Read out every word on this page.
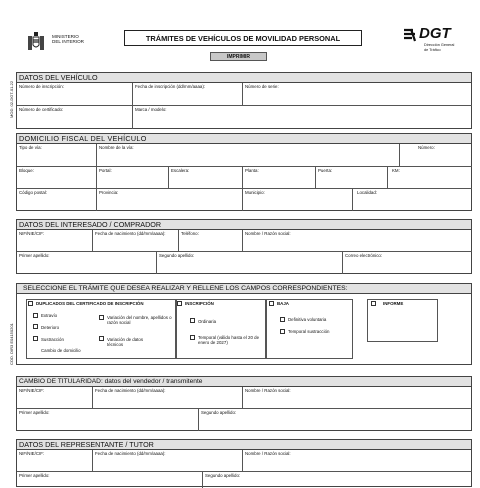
MINISTERIO
DEL INTERIOR	TRÁMITES DE VEHÍCULOS DE MOVILIDAD PERSONAL
IMPRIMIR
DGT
Dirección General
de Tráfico
MOD. 02-DGT-01-22
COD. DIR3 E04150201
DATOS DEL VEHÍCULO
Número de inscripción:	Fecha de inscripción (dd/mm/aaaa):	Número de serie:
Número de certificado:	Marca / modelo:
DOMICILIO FISCAL DEL VEHÍCULO
Tipo de vía:	Nombre de la vía:	Número:
Bloque:	Portal:	Escalera:	Planta:	Puerta:	KM:
Código postal:	Provincia:	Municipio:	Localidad:
DATOS DEL INTERESADO / COMPRADOR
NIF/NIE/CIF:	Fecha de nacimiento (dd/mm/aaaa):	Teléfono:	Nombre / Razón social:
Primer apellido:	Segundo apellido:	Correo electrónico:
SELECCIONE EL TRÁMITE QUE DESEA REALIZAR Y RELLENE LOS CAMPOS CORRESPONDIENTES:
DUPLICADOS DEL CERTIFICADO DE INSCRIPCIÓN
Extravío
Deterioro
Sustracción
Cambio de domicilio
Variación del nombre, apellidos o razón social
Variación de datos técnicos
INSCRIPCIÓN
Ordinaria
Temporal (válido hasta el 20 de enero de 2027)
BAJA
Definitiva voluntaria
Temporal sustracción
INFORME
CAMBIO DE TITULARIDAD: datos del vendedor / transmitente
NIF/NIE/CIF:	Fecha de nacimiento (dd/mm/aaaa):	Nombre / Razón social:
Primer apellido:	Segundo apellido:
DATOS DEL REPRESENTANTE / TUTOR
NIF/NIE/CIF:	Fecha de nacimiento (dd/mm/aaaa):	Nombre / Razón social:
Primer apellido:	Segundo apellido:
